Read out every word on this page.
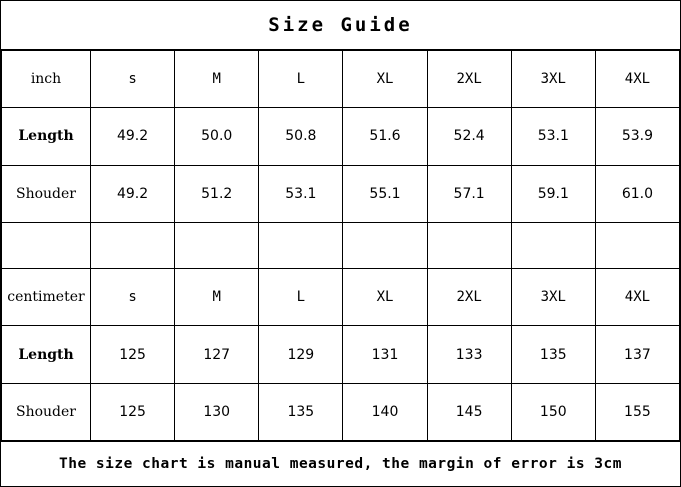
Size Guide
inch	s	M	L	XL	2XL	3XL	4XL
Length	49.2	50.0	50.8	51.6	52.4	53.1	53.9
Shouder	49.2	51.2	53.1	55.1	57.1	59.1	61.0

centimeter	s	M	L	XL	2XL	3XL	4XL
Length	125	127	129	131	133	135	137
Shouder	125	130	135	140	145	150	155
The size chart is manual measured, the margin of error is 3cm
